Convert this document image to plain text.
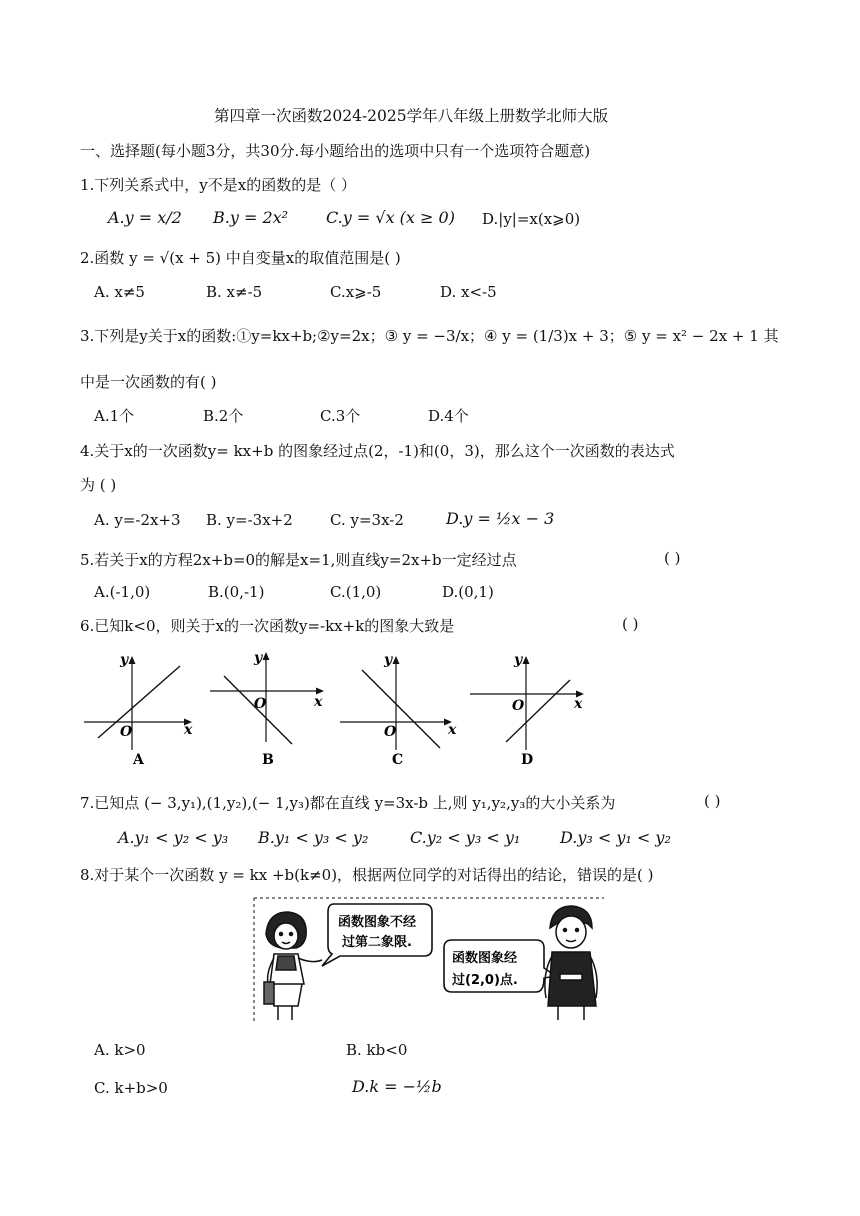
第四章一次函数2024-2025学年八年级上册数学北师大版
一、选择题(每小题3分，共30分.每小题给出的选项中只有一个选项符合题意)
1.下列关系式中，y不是x的函数的是（ ）
A.y = x/2 B.y = 2x² C.y = √x (x ≥ 0) D.|y|=x(x⩾0)
2.函数 y = √(x + 5) 中自变量x的取值范围是( )
A. x≠5	B. x≠-5	C.x⩾-5	D. x<-5
3.下列是y关于x的函数:①y=kx+b;②y=2x；③ y = −3/x；④ y = (1/3)x + 3；⑤ y = x² − 2x + 1 其
中是一次函数的有( )
A.1个	B.2个	C.3个	D.4个
4.关于x的一次函数y= kx+b 的图象经过点(2，-1)和(0，3)，那么这个一次函数的表达式
为 ( )
A. y=-2x+3 B. y=-3x+2 C. y=3x-2	D.y = ½x − 3
5.若关于x的方程2x+b=0的解是x=1,则直线y=2x+b一定经过点	( )
A.(-1,0)	B.(0,-1)	C.(1,0)	D.(0,1)
6.已知k<0，则关于x的一次函数y=-kx+k的图象大致是	( )
y
x
O
A
y
x
O
B
y
x
O
C
y
x
O
D
7.已知点 (− 3,y₁),(1,y₂),(− 1,y₃)都在直线 y=3x-b 上,则 y₁,y₂,y₃的大小关系为	( )
A.y₁ < y₂ < y₃ B.y₁ < y₃ < y₂	C.y₂ < y₃ < y₁ D.y₃ < y₁ < y₂
8.对于某个一次函数 y = kx +b(k≠0)，根据两位同学的对话得出的结论，错误的是( )
函数图象不经
过第二象限.
函数图象经
过(2,0)点.
A. k>0	B. kb<0
C. k+b>0	D.k = −½b
